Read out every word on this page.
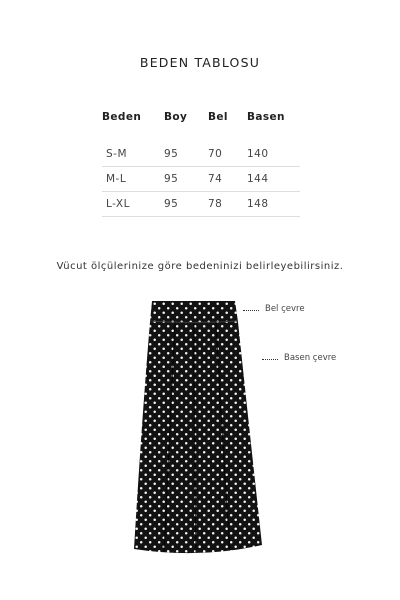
BEDEN TABLOSU
Beden	Boy	Bel	Basen
S-M	95	70	140
M-L	95	74	144
L-XL	95	78	148
Vücut ölçülerinize göre bedeninizi belirleyebilirsiniz.
Bel çevre
Basen çevre
